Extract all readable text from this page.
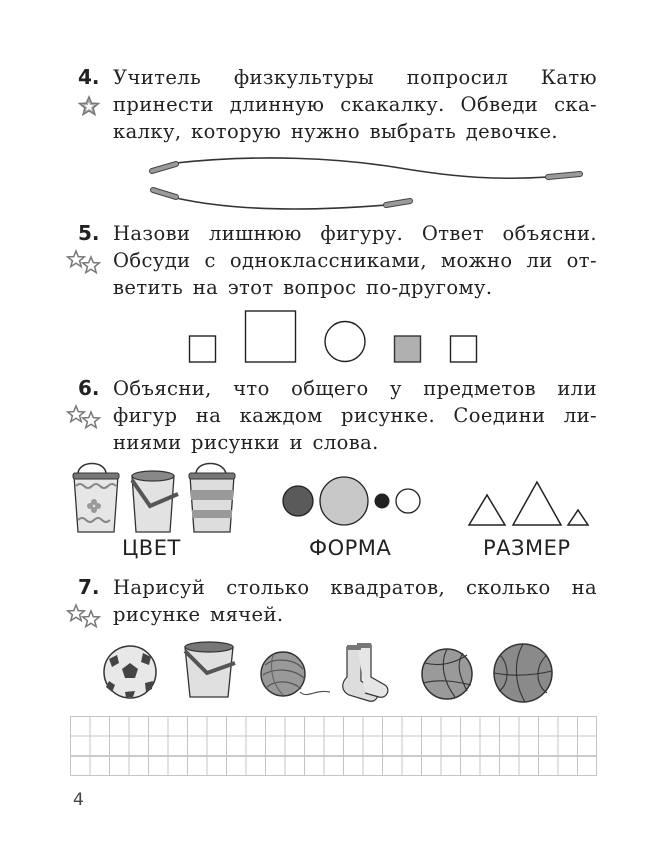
4. Учитель физкультуры попросил Катю
принести длинную скакалку. Обведи ска-
калку, которую нужно выбрать девочке.
5. Назови лишнюю фигуру. Ответ объясни.
Обсуди с одноклассниками, можно ли от-
ветить на этот вопрос по-другому.
6. Объясни, что общего у предметов или
фигур на каждом рисунке. Соедини ли-
ниями рисунки и слова.
ЦВЕТ	ФОРМА	РАЗМЕР
7. Нарисуй столько квадратов, сколько на
рисунке мячей.
4
